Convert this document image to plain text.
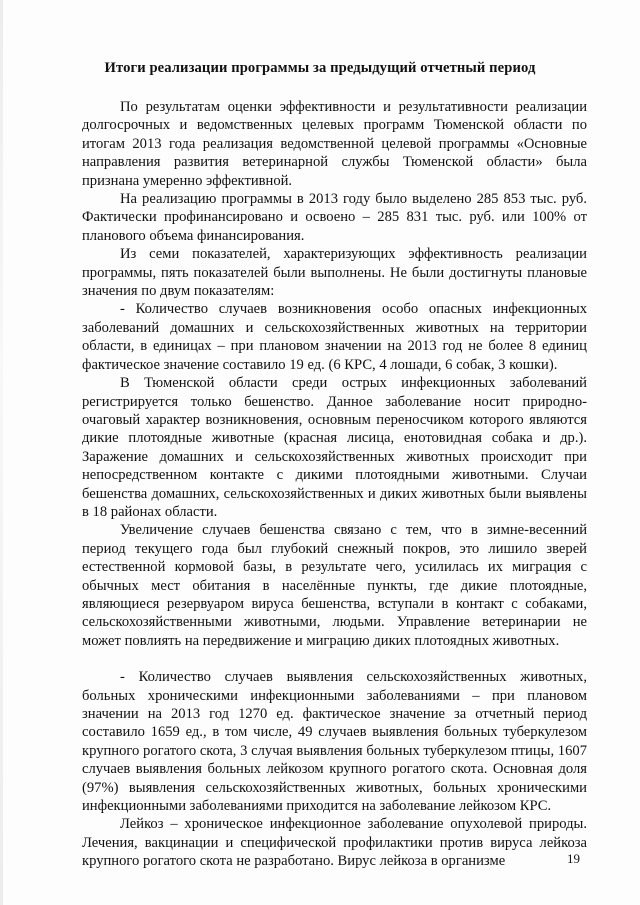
Итоги реализации программы за предыдущий отчетный период

По результатам оценки эффективности и результативности реализации долгосрочных и ведомственных целевых программ Тюменской области по итогам 2013 года реализация ведомственной целевой программы «Основные направления развития ветеринарной службы Тюменской области» была признана умеренно эффективной.

На реализацию программы в 2013 году было выделено 285 853 тыс. руб. Фактически профинансировано и освоено – 285 831 тыс. руб. или 100% от планового объема финансирования.

Из семи показателей, характеризующих эффективность реализации программы, пять показателей были выполнены. Не были достигнуты плановые значения по двум показателям:

- Количество случаев возникновения особо опасных инфекционных заболеваний домашних и сельскохозяйственных животных на территории области, в единицах – при плановом значении на 2013 год не более 8 единиц фактическое значение составило 19 ед. (6 КРС, 4 лошади, 6 собак, 3 кошки).

В Тюменской области среди острых инфекционных заболеваний регистрируется только бешенство. Данное заболевание носит природно-очаговый характер возникновения, основным переносчиком которого являются дикие плотоядные животные (красная лисица, енотовидная собака и др.). Заражение домашних и сельскохозяйственных животных происходит при непосредственном контакте с дикими плотоядными животными. Случаи бешенства домашних, сельскохозяйственных и диких животных были выявлены в 18 районах области.

Увеличение случаев бешенства связано с тем, что в зимне-весенний период текущего года был глубокий снежный покров, это лишило зверей естественной кормовой базы, в результате чего, усилилась их миграция с обычных мест обитания в населённые пункты, где дикие плотоядные, являющиеся резервуаром вируса бешенства, вступали в контакт с собаками, сельскохозяйственными животными, людьми. Управление ветеринарии не может повлиять на передвижение и миграцию диких плотоядных животных.

- Количество случаев выявления сельскохозяйственных животных, больных хроническими инфекционными заболеваниями – при плановом значении на 2013 год 1270 ед. фактическое значение за отчетный период составило 1659 ед., в том числе, 49 случаев выявления больных туберкулезом крупного рогатого скота, 3 случая выявления больных туберкулезом птицы, 1607 случаев выявления больных лейкозом крупного рогатого скота. Основная доля (97%) выявления сельскохозяйственных животных, больных хроническими инфекционными заболеваниями приходится на заболевание лейкозом КРС.

Лейкоз – хроническое инфекционное заболевание опухолевой природы. Лечения, вакцинации и специфической профилактики против вируса лейкоза крупного рогатого скота не разработано. Вирус лейкоза в организме	19
